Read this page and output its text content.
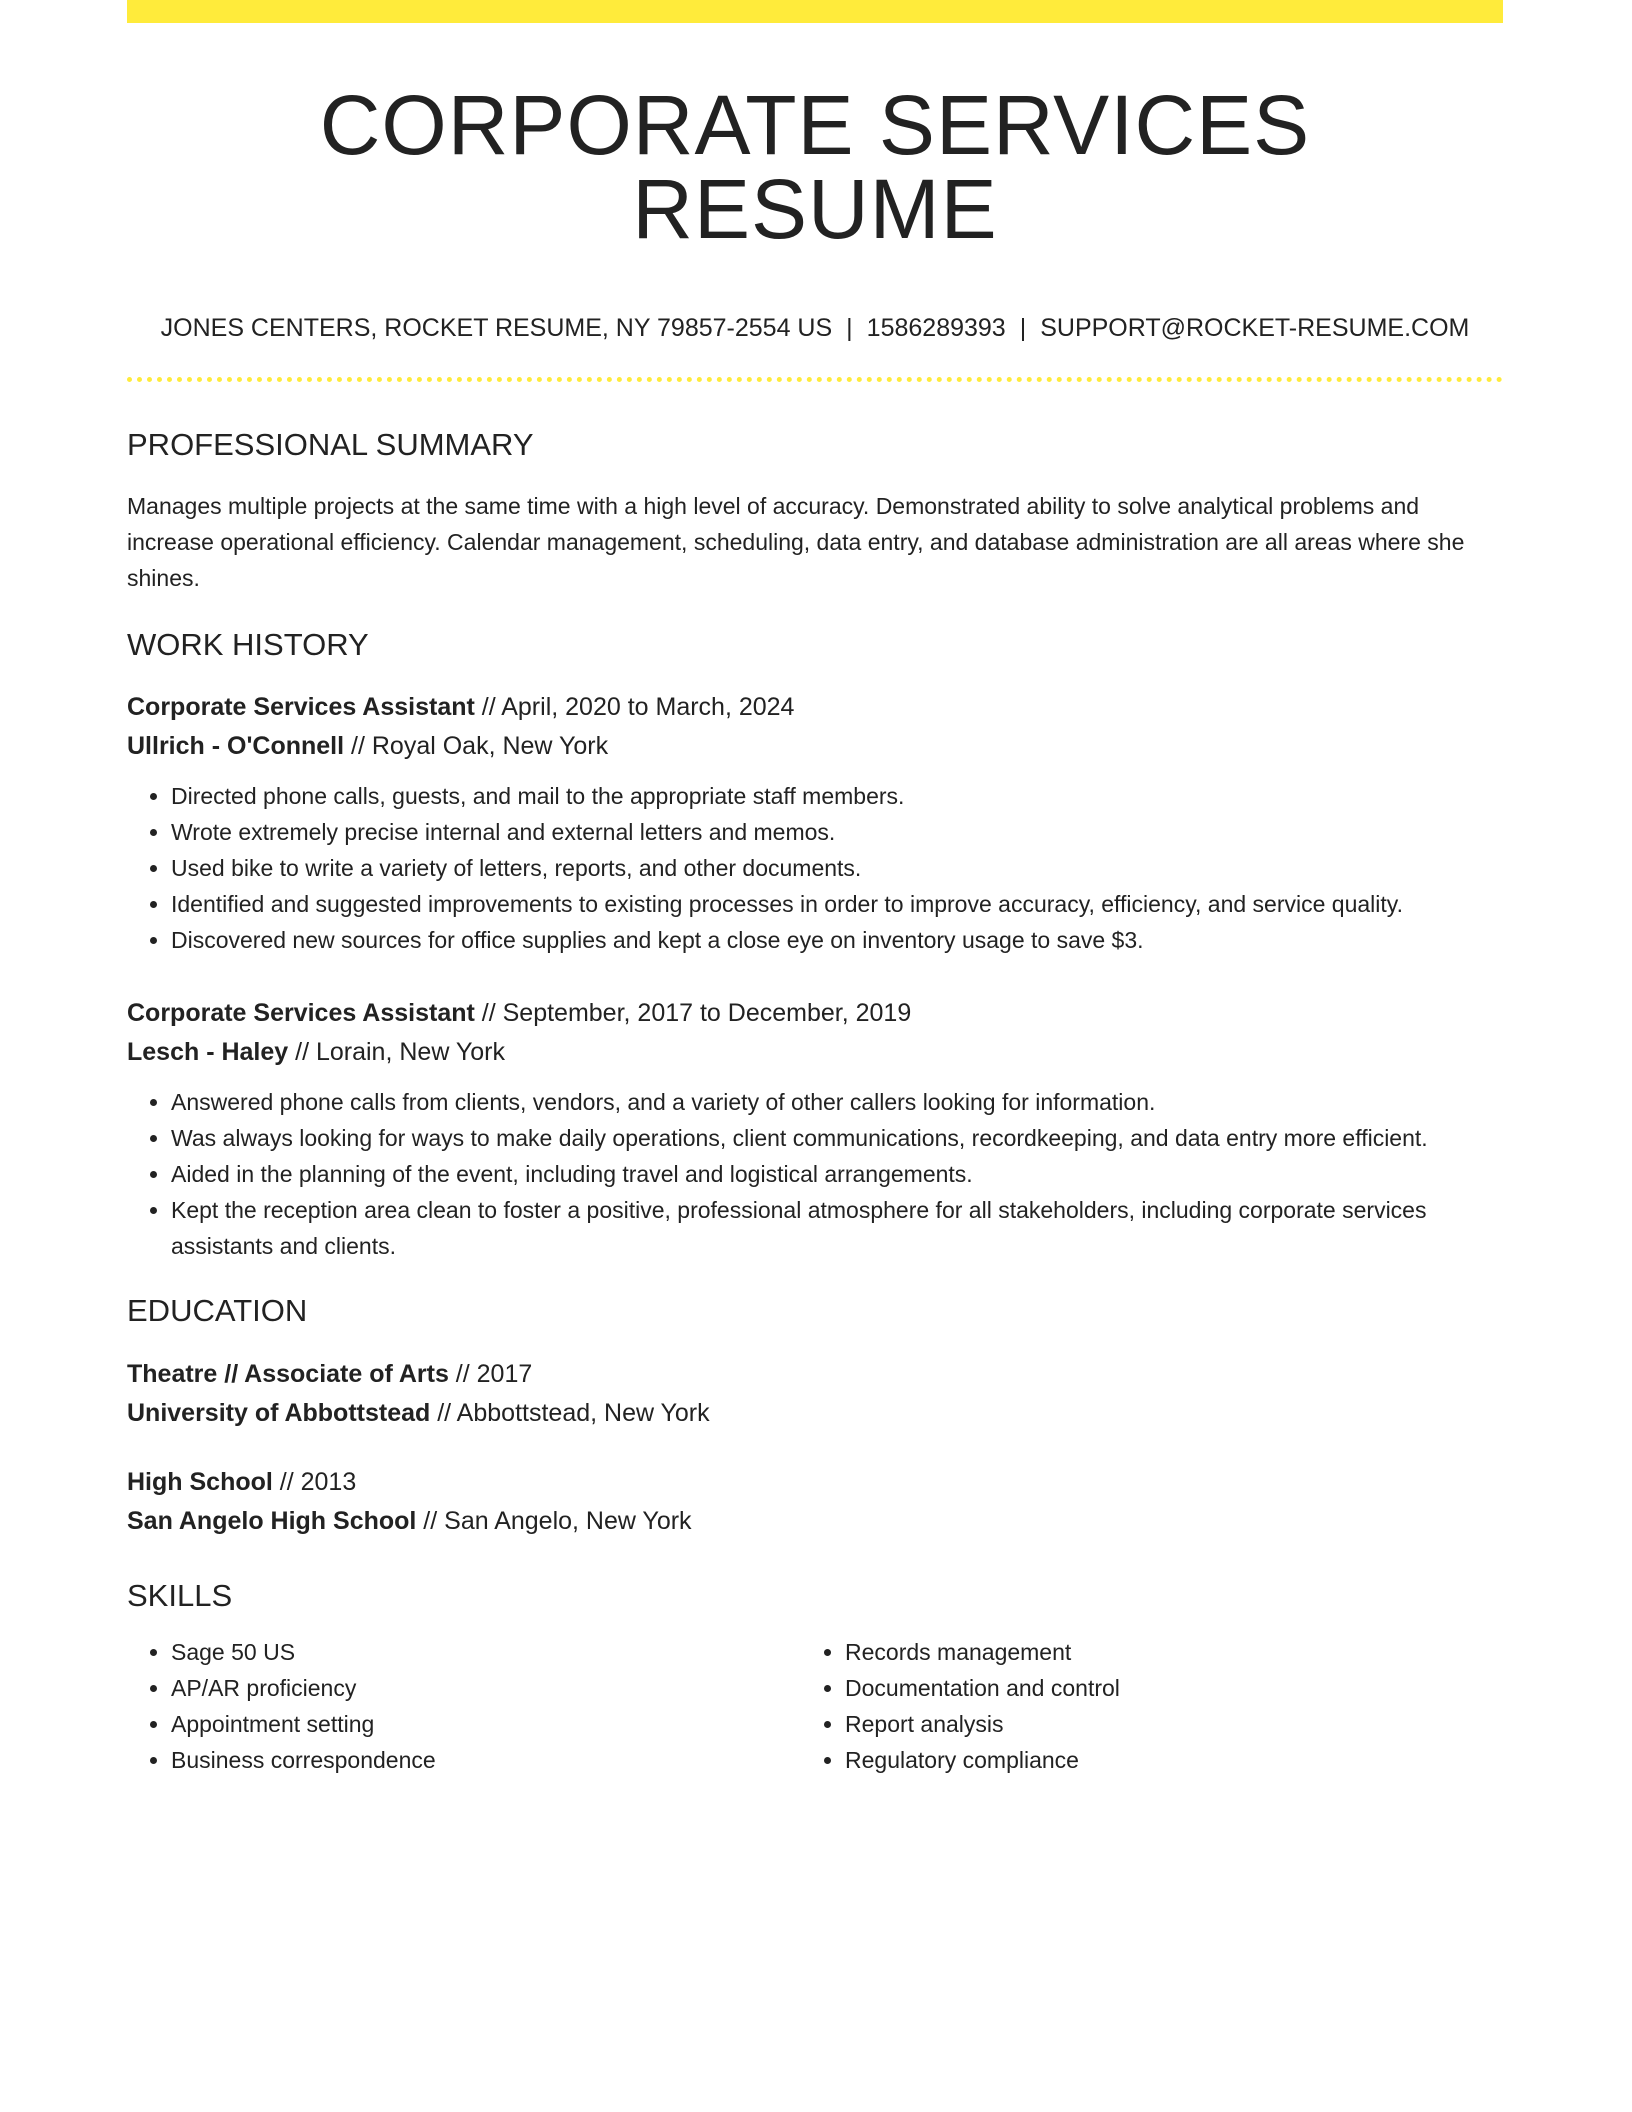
CORPORATE SERVICES RESUME
JONES CENTERS, ROCKET RESUME, NY 79857-2554 US | 1586289393 | SUPPORT@ROCKET-RESUME.COM
PROFESSIONAL SUMMARY
Manages multiple projects at the same time with a high level of accuracy. Demonstrated ability to solve analytical problems and increase operational efficiency. Calendar management, scheduling, data entry, and database administration are all areas where she shines.
WORK HISTORY
Corporate Services Assistant // April, 2020 to March, 2024
Ullrich - O'Connell // Royal Oak, New York
• Directed phone calls, guests, and mail to the appropriate staff members.
• Wrote extremely precise internal and external letters and memos.
• Used bike to write a variety of letters, reports, and other documents.
• Identified and suggested improvements to existing processes in order to improve accuracy, efficiency, and service quality.
• Discovered new sources for office supplies and kept a close eye on inventory usage to save $3.
Corporate Services Assistant // September, 2017 to December, 2019
Lesch - Haley // Lorain, New York
• Answered phone calls from clients, vendors, and a variety of other callers looking for information.
• Was always looking for ways to make daily operations, client communications, recordkeeping, and data entry more efficient.
• Aided in the planning of the event, including travel and logistical arrangements.
• Kept the reception area clean to foster a positive, professional atmosphere for all stakeholders, including corporate services assistants and clients.
EDUCATION
Theatre // Associate of Arts // 2017
University of Abbottstead // Abbottstead, New York
High School // 2013
San Angelo High School // San Angelo, New York
SKILLS
• Sage 50 US
• AP/AR proficiency
• Appointment setting
• Business correspondence
• Records management
• Documentation and control
• Report analysis
• Regulatory compliance
